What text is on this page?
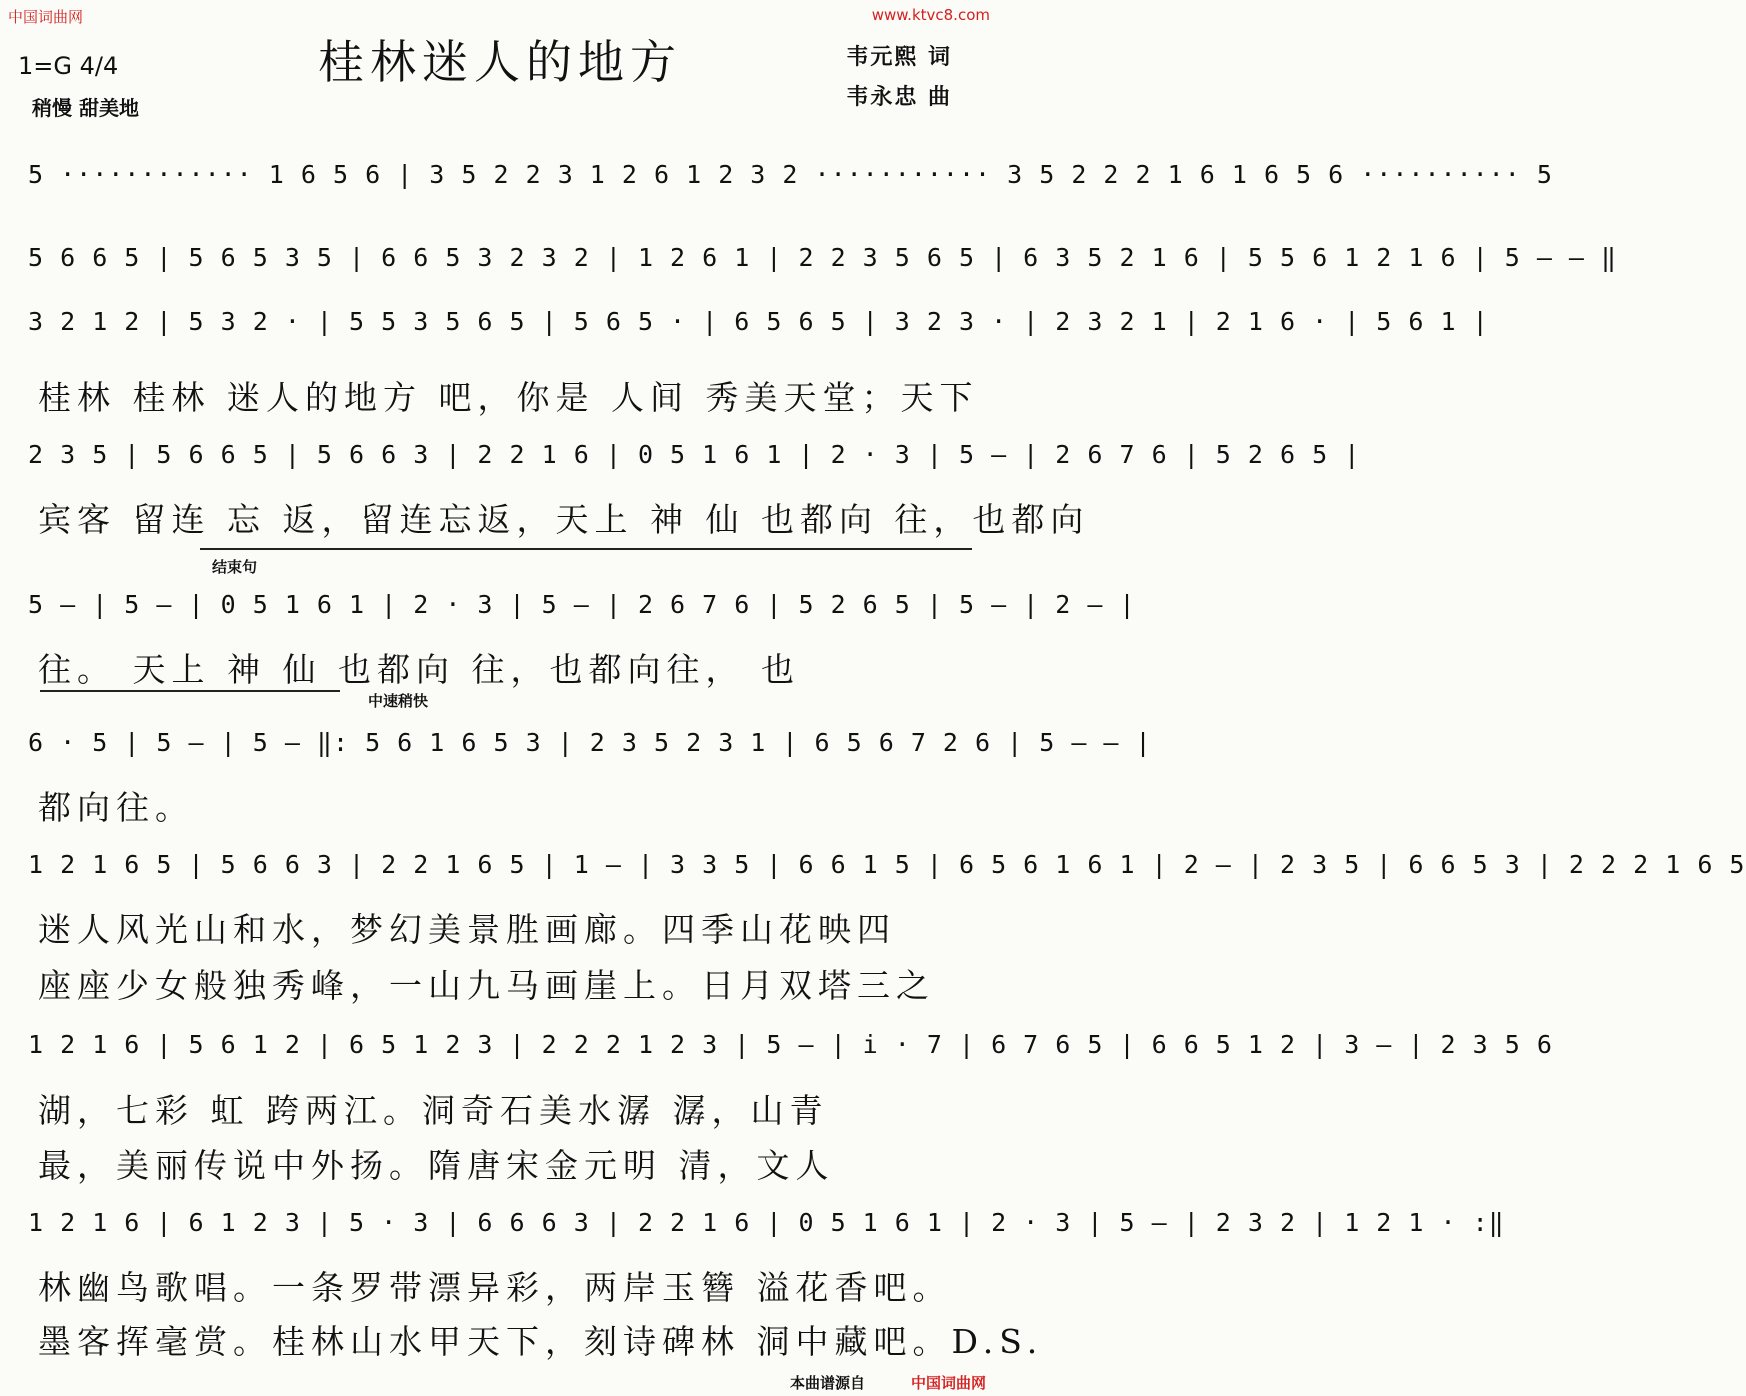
中国词曲网	www.ktvc8.com
桂林迷人的地方
1=G 4/4
稍慢 甜美地
韦元熙 词
韦永忠 曲
5 ············ 1 6 5 6 | 3 5 2 2 3 1 2 6 1 2 3 2 ··········· 3 5 2 2 2 1 6 1 6 5 6 ·········· 5
5 6 6 5 | 5 6 5 3 5 | 6 6 5 3 2 3 2 | 1 2 6 1 | 2 2 3 5 6 5 | 6 3 5 2 1 6 | 5 5 6 1 2 1 6 | 5 — — ‖
3 2 1 2 | 5 3 2 · | 5 5 3 5 6 5 | 5 6 5 · | 6 5 6 5 | 3 2 3 · | 2 3 2 1 | 2 1 6 · | 5 6 1 |
桂林 桂林 迷人的地方 吧，你是 人间 秀美天堂；天下
2 3 5 | 5 6 6 5 | 5 6 6 3 | 2 2 1 6 | 0 5 1 6 1 | 2 · 3 | 5 — | 2 6 7 6 | 5 2 6 5 |
宾客 留连 忘 返，留连忘返，天上 神 仙 也都向 往，也都向
结束句
5 — | 5 — | 0 5 1 6 1 | 2 · 3 | 5 — | 2 6 7 6 | 5 2 6 5 | 5 — | 2 — |
往。 天上 神 仙 也都向 往，也都向往， 也
中速稍快
6 · 5 | 5 — | 5 — ‖: 5 6 1 6 5 3 | 2 3 5 2 3 1 | 6 5 6 7 2 6 | 5 — — |
都向往。
1 2 1 6 5 | 5 6 6 3 | 2 2 1 6 5 | 1 — | 3 3 5 | 6 6 1 5 | 6 5 6 1 6 1 | 2 — | 2 3 5 | 6 6 5 3 | 2 2 2 1 6 5
迷人风光山和水，梦幻美景胜画廊。四季山花映四
座座少女般独秀峰，一山九马画崖上。日月双塔三之
1 2 1 6 | 5 6 1 2 | 6 5 1 2 3 | 2 2 2 1 2 3 | 5 — | i · 7 | 6 7 6 5 | 6 6 5 1 2 | 3 — | 2 3 5 6
湖，七彩 虹 跨两江。洞奇石美水潺 潺，山青
最，美丽传说中外扬。隋唐宋金元明 清，文人
1 2 1 6 | 6 1 2 3 | 5 · 3 | 6 6 6 3 | 2 2 1 6 | 0 5 1 6 1 | 2 · 3 | 5 — | 2 3 2 | 1 2 1 · :‖
林幽鸟歌唱。一条罗带漂异彩，两岸玉簪 溢花香吧。
墨客挥毫赏。桂林山水甲天下，刻诗碑林 洞中藏吧。D.S.
本曲谱源自	中国词曲网
